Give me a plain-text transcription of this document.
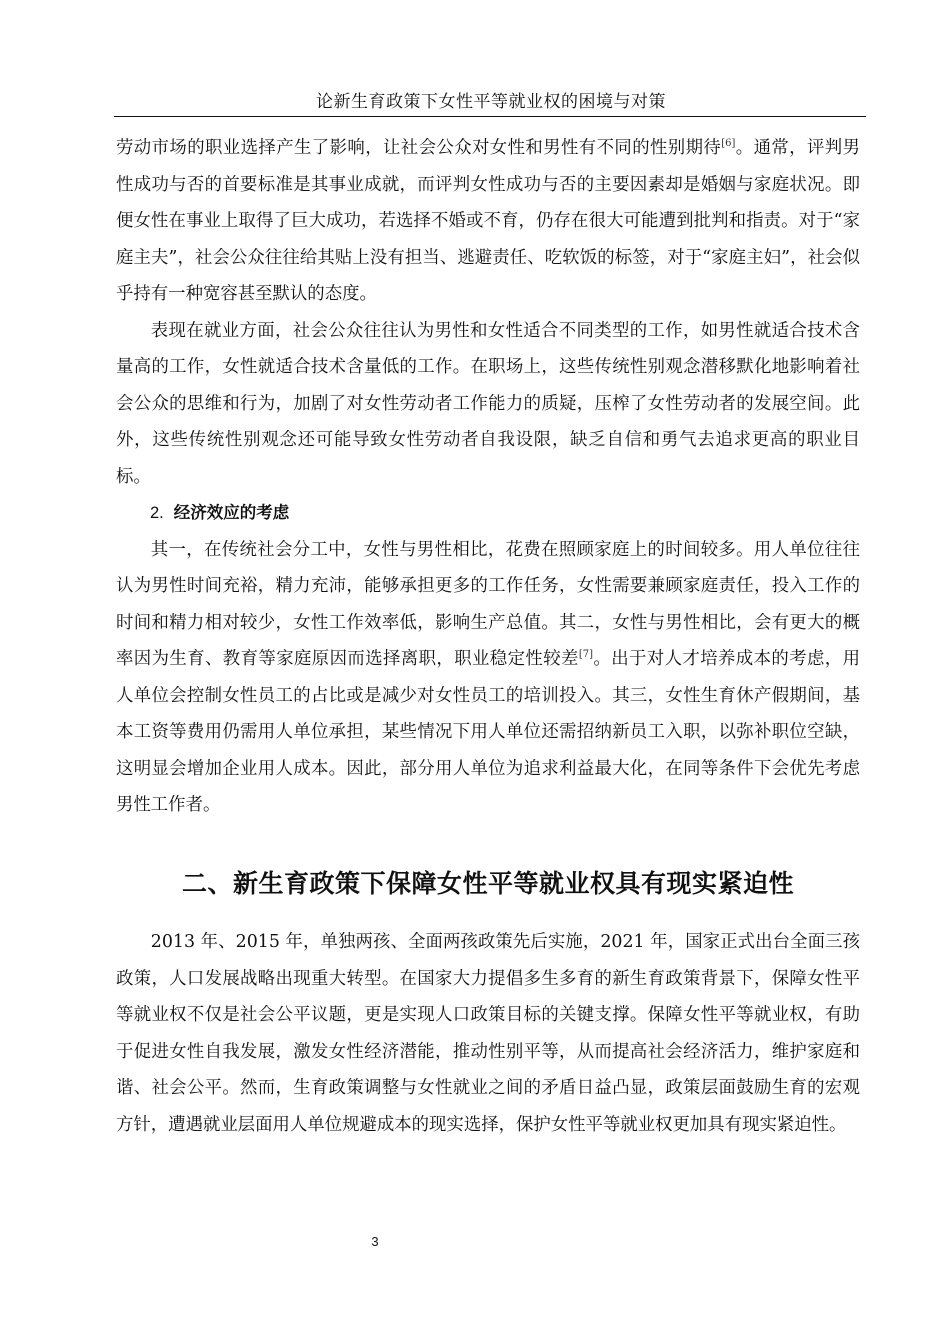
论新生育政策下女性平等就业权的困境与对策

劳动市场的职业选择产生了影响，让社会公众对女性和男性有不同的性别期待[6]。通常，评判男性成功与否的首要标准是其事业成就，而评判女性成功与否的主要因素却是婚姻与家庭状况。即便女性在事业上取得了巨大成功，若选择不婚或不育，仍存在很大可能遭到批判和指责。对于“家庭主夫”，社会公众往往给其贴上没有担当、逃避责任、吃软饭的标签，对于“家庭主妇”，社会似乎持有一种宽容甚至默认的态度。

表现在就业方面，社会公众往往认为男性和女性适合不同类型的工作，如男性就适合技术含量高的工作，女性就适合技术含量低的工作。在职场上，这些传统性别观念潜移默化地影响着社会公众的思维和行为，加剧了对女性劳动者工作能力的质疑，压榨了女性劳动者的发展空间。此外，这些传统性别观念还可能导致女性劳动者自我设限，缺乏自信和勇气去追求更高的职业目标。

2. 经济效应的考虑

其一，在传统社会分工中，女性与男性相比，花费在照顾家庭上的时间较多。用人单位往往认为男性时间充裕，精力充沛，能够承担更多的工作任务，女性需要兼顾家庭责任，投入工作的时间和精力相对较少，女性工作效率低，影响生产总值。其二，女性与男性相比，会有更大的概率因为生育、教育等家庭原因而选择离职，职业稳定性较差[7]。出于对人才培养成本的考虑，用人单位会控制女性员工的占比或是减少对女性员工的培训投入。其三，女性生育休产假期间，基本工资等费用仍需用人单位承担，某些情况下用人单位还需招纳新员工入职，以弥补职位空缺，这明显会增加企业用人成本。因此，部分用人单位为追求利益最大化，在同等条件下会优先考虑男性工作者。

二、新生育政策下保障女性平等就业权具有现实紧迫性

2013 年、2015 年，单独两孩、全面两孩政策先后实施，2021 年，国家正式出台全面三孩政策，人口发展战略出现重大转型。在国家大力提倡多生多育的新生育政策背景下，保障女性平等就业权不仅是社会公平议题，更是实现人口政策目标的关键支撑。保障女性平等就业权，有助于促进女性自我发展，激发女性经济潜能，推动性别平等，从而提高社会经济活力，维护家庭和谐、社会公平。然而，生育政策调整与女性就业之间的矛盾日益凸显，政策层面鼓励生育的宏观方针，遭遇就业层面用人单位规避成本的现实选择，保护女性平等就业权更加具有现实紧迫性。

3
